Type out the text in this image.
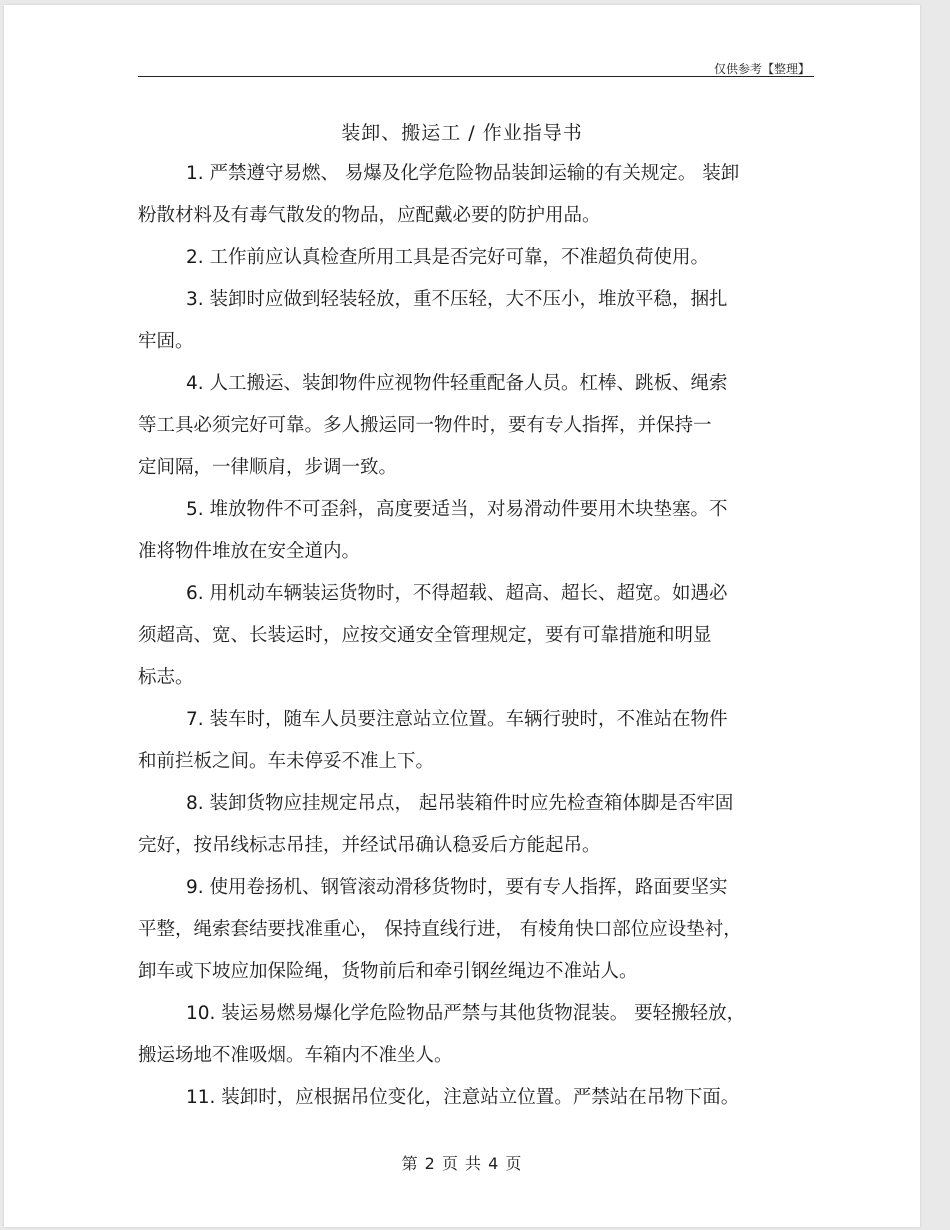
仅供参考【整理】
装卸、搬运工 / 作业指导书

1. 严禁遵守易燃、 易爆及化学危险物品装卸运输的有关规定。 装卸
粉散材料及有毒气散发的物品，应配戴必要的防护用品。

2. 工作前应认真检查所用工具是否完好可靠，不准超负荷使用。

3. 装卸时应做到轻装轻放，重不压轻，大不压小，堆放平稳，捆扎
牢固。

4. 人工搬运、装卸物件应视物件轻重配备人员。杠棒、跳板、绳索
等工具必须完好可靠。多人搬运同一物件时，要有专人指挥，并保持一
定间隔，一律顺肩，步调一致。

5. 堆放物件不可歪斜，高度要适当，对易滑动件要用木块垫塞。不
准将物件堆放在安全道内。

6. 用机动车辆装运货物时，不得超载、超高、超长、超宽。如遇必
须超高、宽、长装运时，应按交通安全管理规定，要有可靠措施和明显
标志。

7. 装车时，随车人员要注意站立位置。车辆行驶时，不准站在物件
和前拦板之间。车未停妥不准上下。

8. 装卸货物应挂规定吊点， 起吊装箱件时应先检查箱体脚是否牢固
完好，按吊线标志吊挂，并经试吊确认稳妥后方能起吊。

9. 使用卷扬机、钢管滚动滑移货物时，要有专人指挥，路面要坚实
平整，绳索套结要找准重心， 保持直线行进， 有棱角快口部位应设垫衬，
卸车或下坡应加保险绳，货物前后和牵引钢丝绳边不准站人。

10. 装运易燃易爆化学危险物品严禁与其他货物混装。 要轻搬轻放，
搬运场地不准吸烟。车箱内不准坐人。

11. 装卸时，应根据吊位变化，注意站立位置。严禁站在吊物下面。

第 2 页 共 4 页
